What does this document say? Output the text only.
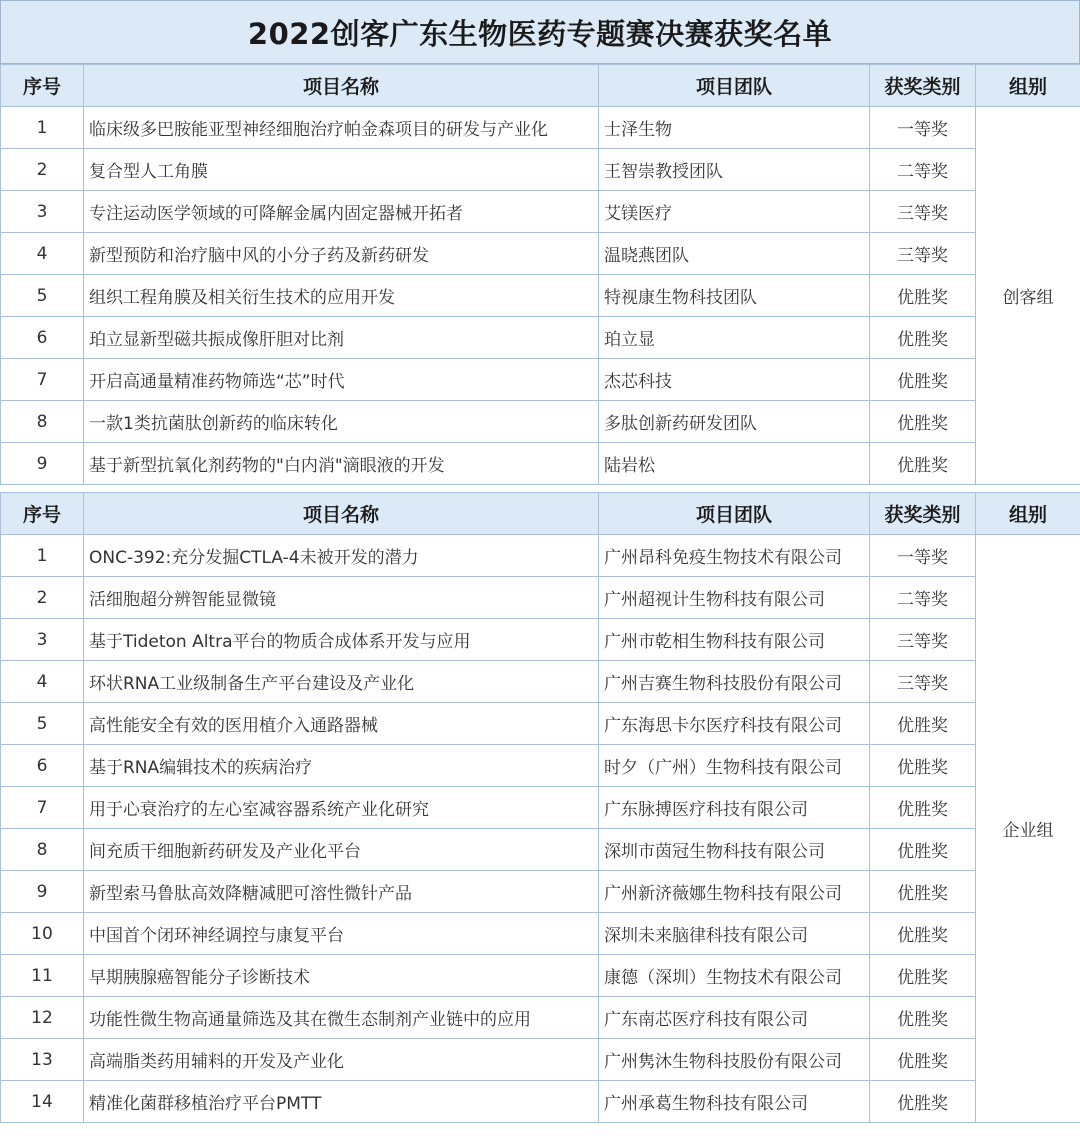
2022创客广东生物医药专题赛决赛获奖名单
序号	项目名称	项目团队	获奖类别	组别
1	临床级多巴胺能亚型神经细胞治疗帕金森项目的研发与产业化	士泽生物	一等奖	创客组
2	复合型人工角膜	王智崇教授团队	二等奖	
3	专注运动医学领域的可降解金属内固定器械开拓者	艾镁医疗	三等奖	
4	新型预防和治疗脑中风的小分子药及新药研发	温晓燕团队	三等奖	
5	组织工程角膜及相关衍生技术的应用开发	特视康生物科技团队	优胜奖	
6	珀立显新型磁共振成像肝胆对比剂	珀立显	优胜奖	
7	开启高通量精准药物筛选“芯”时代	杰芯科技	优胜奖	
8	一款1类抗菌肽创新药的临床转化	多肽创新药研发团队	优胜奖	
9	基于新型抗氧化剂药物的"白内消"滴眼液的开发	陆岩松	优胜奖	
序号	项目名称	项目团队	获奖类别	组别
1	ONC-392:充分发掘CTLA-4未被开发的潜力	广州昂科免疫生物技术有限公司	一等奖	企业组
2	活细胞超分辨智能显微镜	广州超视计生物科技有限公司	二等奖	
3	基于Tideton Altra平台的物质合成体系开发与应用	广州市乾相生物科技有限公司	三等奖	
4	环状RNA工业级制备生产平台建设及产业化	广州吉赛生物科技股份有限公司	三等奖	
5	高性能安全有效的医用植介入通路器械	广东海思卡尔医疗科技有限公司	优胜奖	
6	基于RNA编辑技术的疾病治疗	时夕（广州）生物科技有限公司	优胜奖	
7	用于心衰治疗的左心室减容器系统产业化研究	广东脉搏医疗科技有限公司	优胜奖	
8	间充质干细胞新药研发及产业化平台	深圳市茵冠生物科技有限公司	优胜奖	
9	新型索马鲁肽高效降糖减肥可溶性微针产品	广州新济薇娜生物科技有限公司	优胜奖	
10	中国首个闭环神经调控与康复平台	深圳未来脑律科技有限公司	优胜奖	
11	早期胰腺癌智能分子诊断技术	康德（深圳）生物技术有限公司	优胜奖	
12	功能性微生物高通量筛选及其在微生态制剂产业链中的应用	广东南芯医疗科技有限公司	优胜奖	
13	高端脂类药用辅料的开发及产业化	广州隽沐生物科技股份有限公司	优胜奖	
14	精准化菌群移植治疗平台PMTT	广州承葛生物科技有限公司	优胜奖	
